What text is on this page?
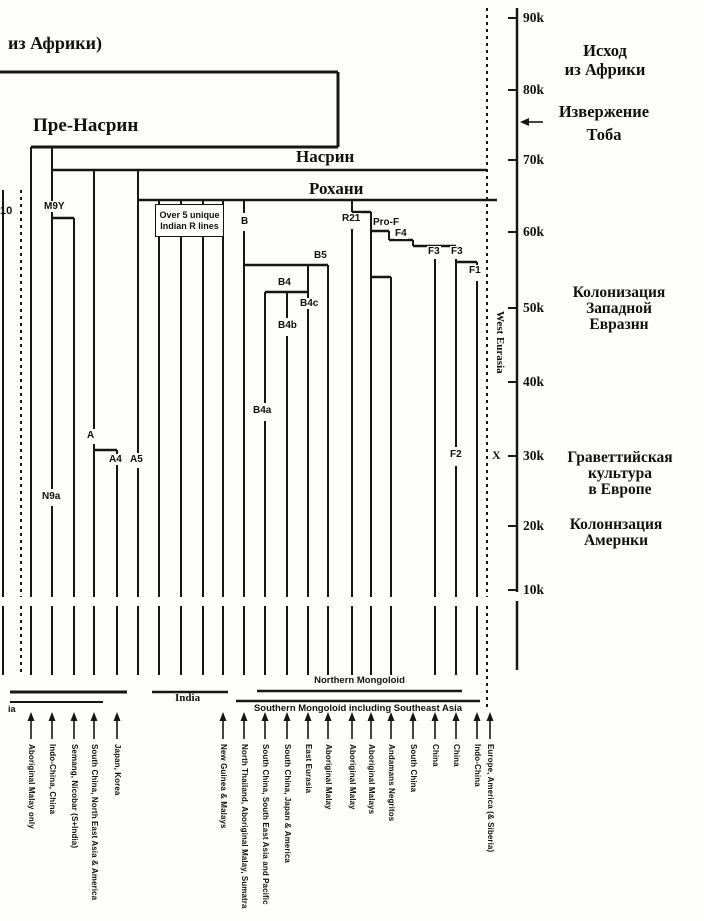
Over 5 unique
Indian R lines
из Африки)
Пре-Насрин
Насрин
Рохани
10
ia
X
West Eurasia
India
Northern Mongoloid
Southern Mongoloid including Southeast Asia
90k
80k
70k
60k
50k
40k
30k
20k
10k
Aboriginal Malay only Indo-China, China Semang, Nicobar (S+India) South China, North East Asia & America Japan, Korea	New Guinea & Malays North Thailand, Aboriginal Malay, Sumatra South China, South East Asia and Pacific South China, Japan & America East Eurasia Aboriginal Malay Aboriginal Malay Aboriginal Malays Andamans Negritos South China China China Indo-China Europe, America (& Siberia)
M9Y
N9a
A
A4 A5
B
B5
B4
B4c
B4b
B4a
R21 Pro-F
F4
F3 F3
F1
F2
Исход
из Африки
Извержение
Тоба
Колонизация
Западной
Евразнн
Граветтийская
культура
в Европе
Колоннзация
Амернки
